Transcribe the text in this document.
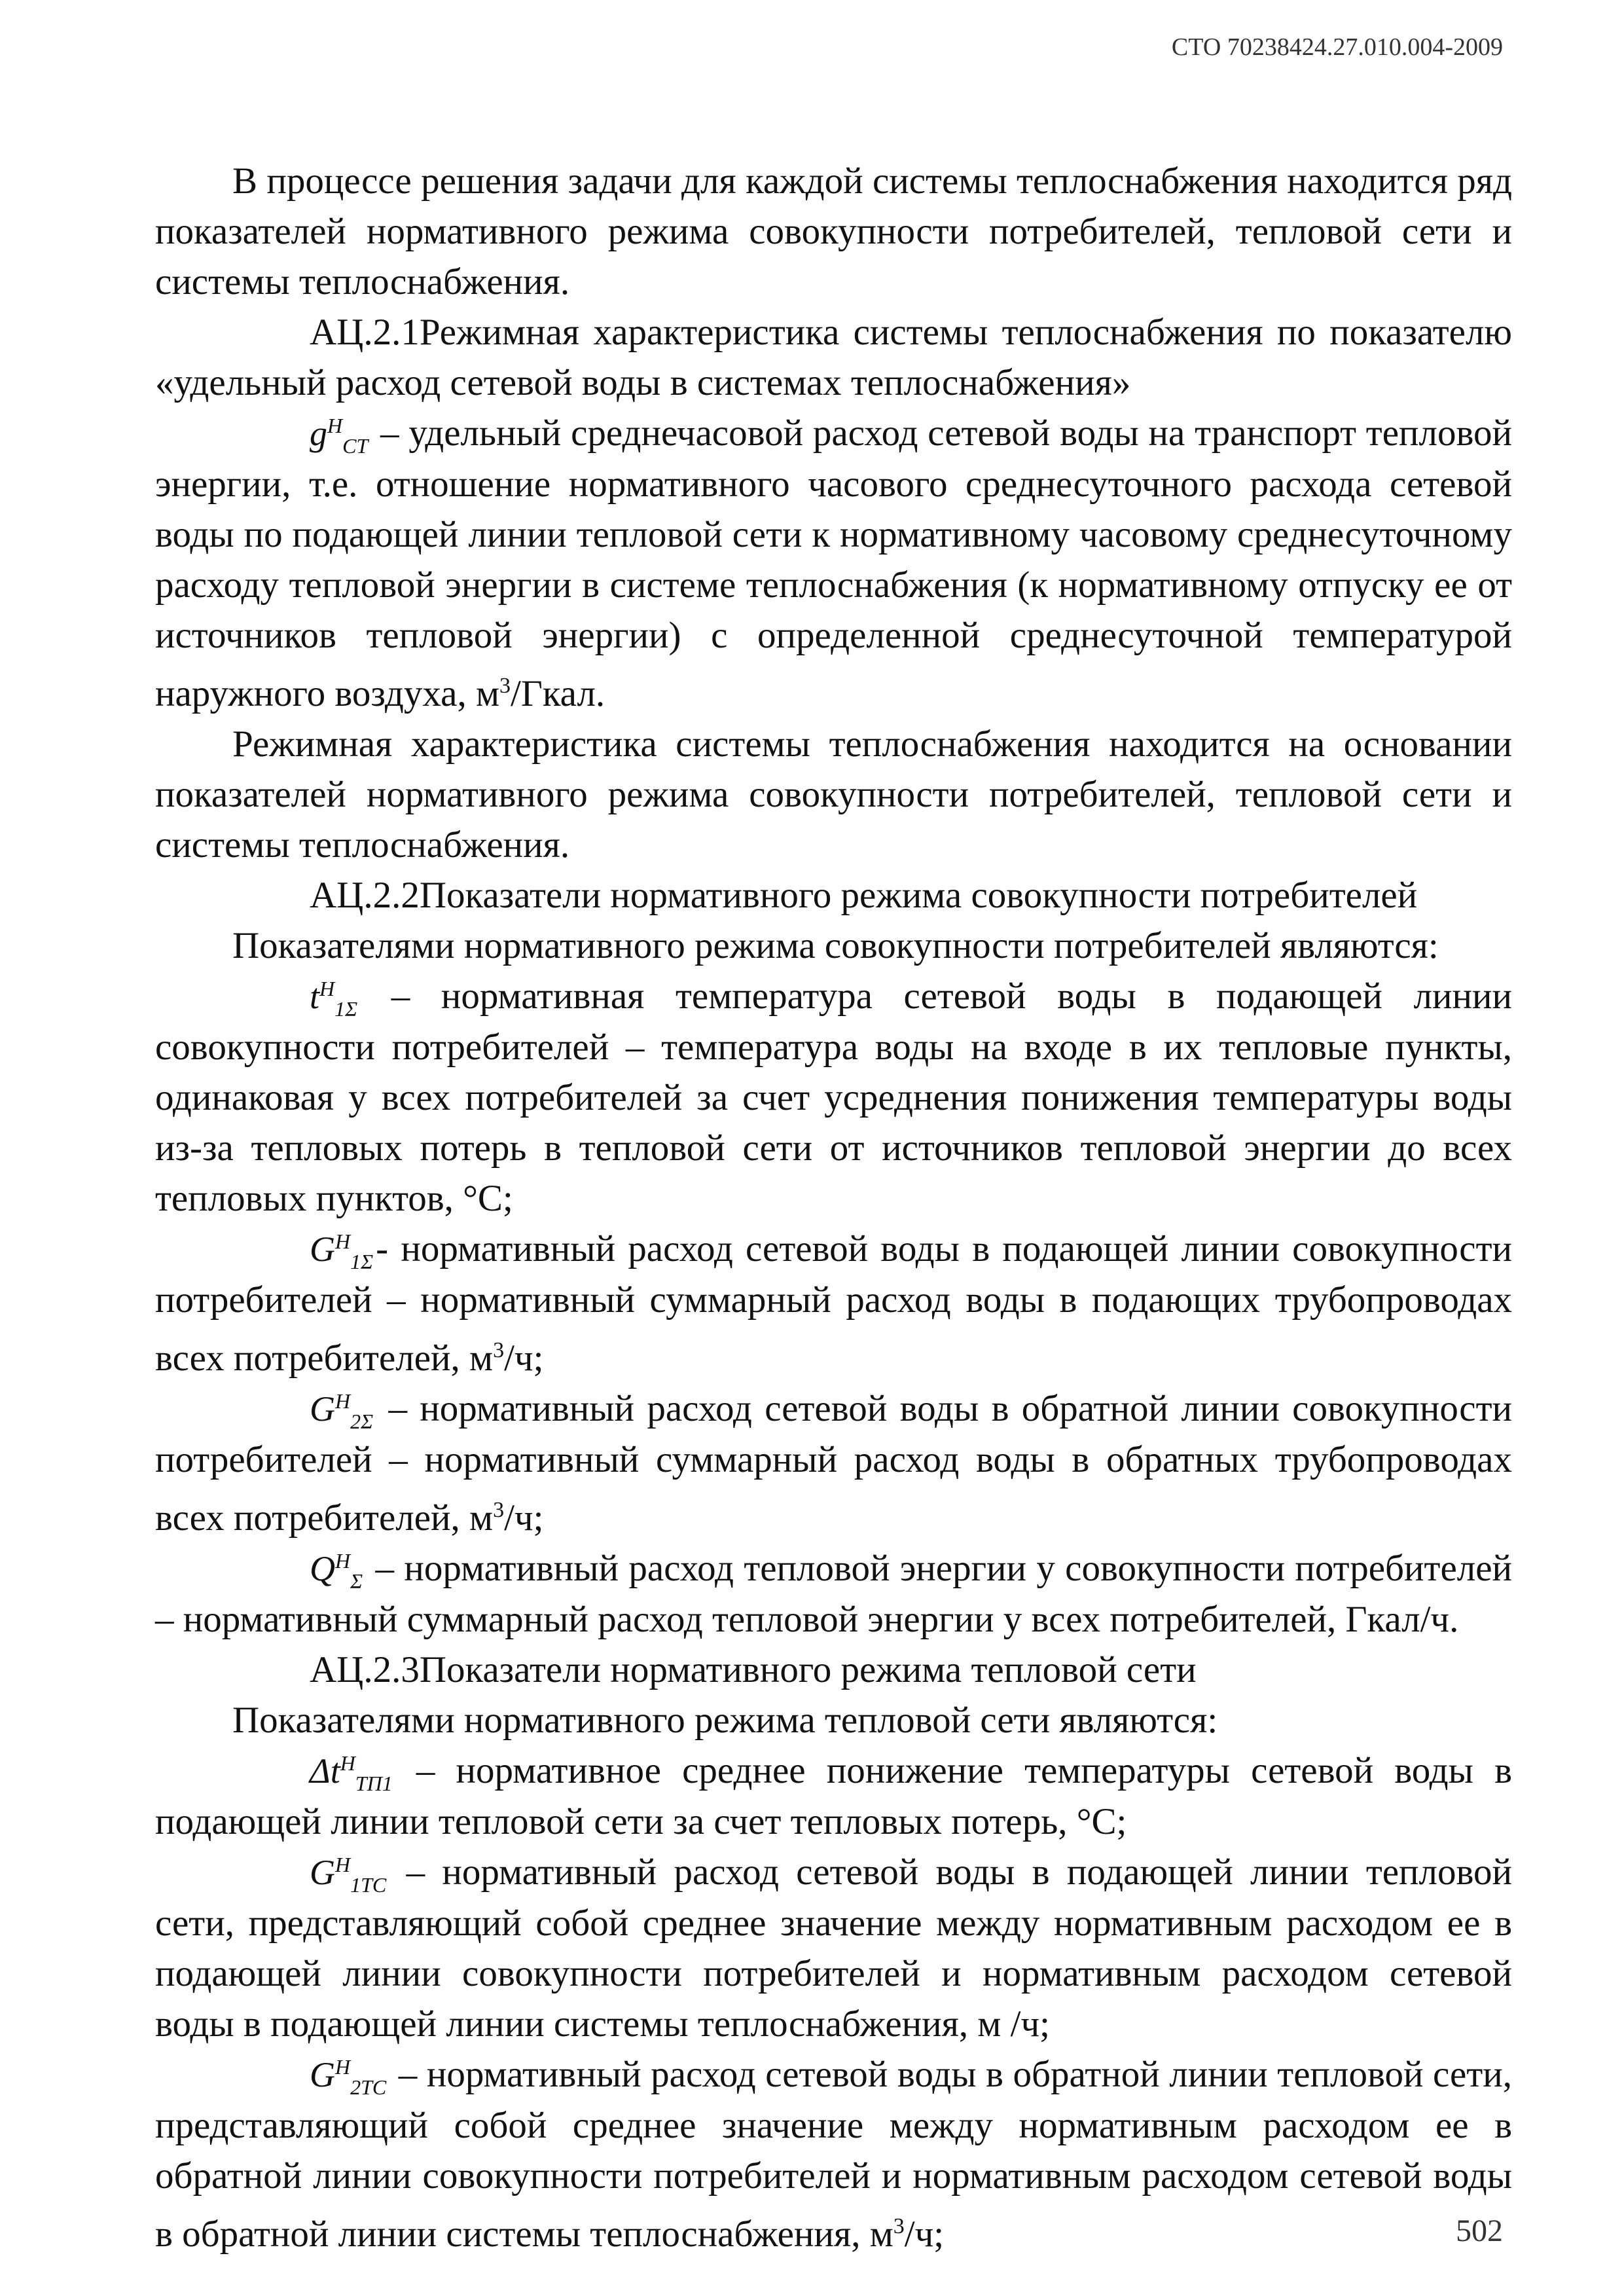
СТО 70238424.27.010.004-2009

В процессе решения задачи для каждой системы теплоснабжения находится ряд показателей нормативного режима совокупности потребителей, тепловой сети и системы теплоснабжения.

АЦ.2.1Режимная характеристика системы теплоснабжения по показателю «удельный расход сетевой воды в системах теплоснабжения»

$g^Н_{СТ}$ – удельный среднечасовой расход сетевой воды на транспорт тепловой энергии, т.е. отношение нормативного часового среднесуточного расхода сетевой воды по подающей линии тепловой сети к нормативному часовому среднесуточному расходу тепловой энергии в системе теплоснабжения (к нормативному отпуску ее от источников тепловой энергии) с определенной среднесуточной температурой наружного воздуха, $м^3$/Гкал.

Режимная характеристика системы теплоснабжения находится на основании показателей нормативного режима совокупности потребителей, тепловой сети и системы теплоснабжения.

АЦ.2.2Показатели нормативного режима совокупности потребителей

Показателями нормативного режима совокупности потребителей являются:

$t^Н_{1\Sigma}$ – нормативная температура сетевой воды в подающей линии совокупности потребителей – температура воды на входе в их тепловые пункты, одинаковая у всех потребителей за счет усреднения понижения температуры воды из-за тепловых потерь в тепловой сети от источников тепловой энергии до всех тепловых пунктов, °С;

$G^Н_{1\Sigma}-$ нормативный расход сетевой воды в подающей линии совокупности потребителей – нормативный суммарный расход воды в подающих трубопроводах всех потребителей, $м^3/ч$;

$G^Н_{2\Sigma}$ – нормативный расход сетевой воды в обратной линии совокупности потребителей – нормативный суммарный расход воды в обратных трубопроводах всех потребителей, $м^3/ч$;

$Q^Н_\Sigma$ – нормативный расход тепловой энергии у совокупности потребителей – нормативный суммарный расход тепловой энергии у всех потребителей, Гкал/ч.

АЦ.2.3Показатели нормативного режима тепловой сети

Показателями нормативного режима тепловой сети являются:

$\Delta t^Н_{ТП1}$ – нормативное среднее понижение температуры сетевой воды в подающей линии тепловой сети за счет тепловых потерь, °С;

$G^Н_{1ТС}$ – нормативный расход сетевой воды в подающей линии тепловой сети, представляющий собой среднее значение между нормативным расходом ее в подающей линии совокупности потребителей и нормативным расходом сетевой воды в подающей линии системы теплоснабжения, м /ч;

$G^Н_{2ТС}$ – нормативный расход сетевой воды в обратной линии тепловой сети, представляющий собой среднее значение между нормативным расходом ее в обратной линии совокупности потребителей и нормативным расходом сетевой воды в обратной линии системы теплоснабжения, $м^3/ч$;	502
